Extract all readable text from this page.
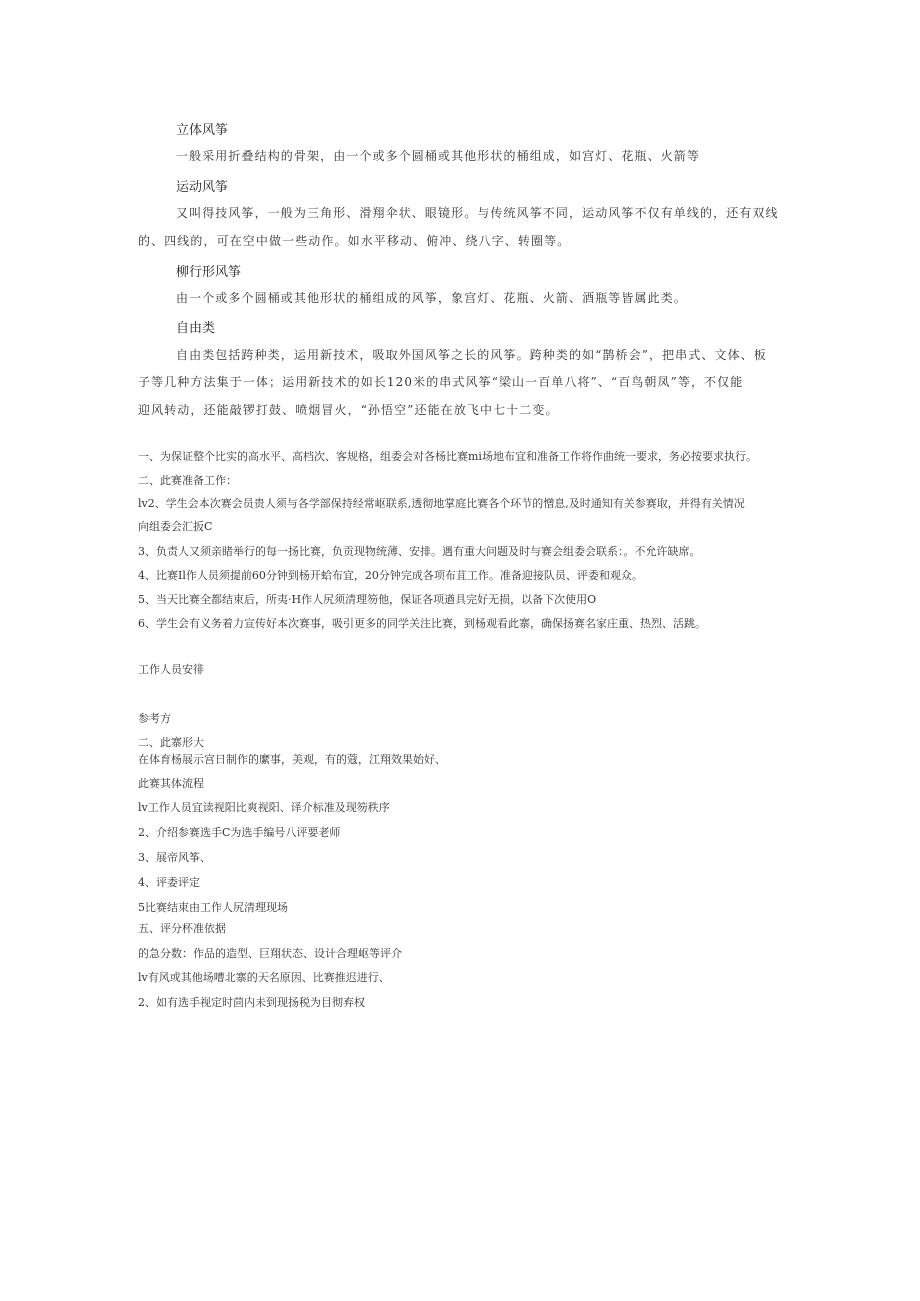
立体风筝
一般采用折叠结构的骨架，由一个或多个圆桶或其他形状的桶组成，如宫灯、花瓶、火箭等
运动风筝
又叫得技风筝，一般为三角形、滑翔伞状、眼镜形。与传统风筝不同，运动风筝不仅有单线的，还有双线
的、四线的，可在空中做一些动作。如水平移动、俯冲、绕八字、转圈等。
柳行形风筝
由一个或多个圆桶或其他形状的桶组成的风筝，象宫灯、花瓶、火箭、酒瓶等皆属此类。
自由类
自由类包括跨种类，运用新技术，吸取外国风筝之长的风筝。跨种类的如“鹊桥会”，把串式、文体、板
子等几种方法集于一体；运用新技术的如长120米的串式风筝“梁山一百单八将”、“百鸟朝凤”等，不仅能
迎风转动，还能敲锣打鼓、喷烟冒火，“孙悟空”还能在放飞中七十二变。
一、为保证整个比实的高水平、高档次、客规格，组委会对各杨比赛mi场地布宜和准备工作将作曲统一要求，务必按要求执行。
二、此赛准备工作：
lv2、学生会本次赛会员贵人须与各学部保持经常岖联系,透彻地掌庭比赛各个环节的憎息,及时通知有关参赛取，并得有关情况
向组委会汇扳C
3、负责人又须亲睹举行的每一扬比赛，负贡现物统薄、安排。遇有重大问题及时与赛会组委会联系：。不允许缺席。
4、比赛Il作人员须提前60分钟到杨开蛤布宜，20分钟完成各项布苴工作。准备迎接队员、评委和观众。
5、当天比赛全都结束后，所夷·H作人尻须清理笏他，保证各项遒具完好无损，以备下次使用O
6、学生会有义务着力宣传好本次赛事，吸引更多的同学关注比赛，到杨观看此寨，确保扬赛名家庄重、热烈、活跳。
工作人员安徘
参考方
二、此寨形大
在体育杨展示宫日制作的縻事，美观，有的蔻，江翔效果始好、
此赛其体流程
lv工作人员宜读视阳比爽视阳、译介标准及现笏秩序
2、介绍参赛选手C为选手编号八评要老师
3、展帝风筝、
4、评委评定
5比赛结束由工作人尻清理现场
五、评分杯准依据
的急分数：作品的造型、巨翔状态、设计合理岖等评介
lv有风或其他场嘈北寨的天名原因、比赛推迟进行、
2、如有选手视定时茴内未到现扬税为目彻弃权
